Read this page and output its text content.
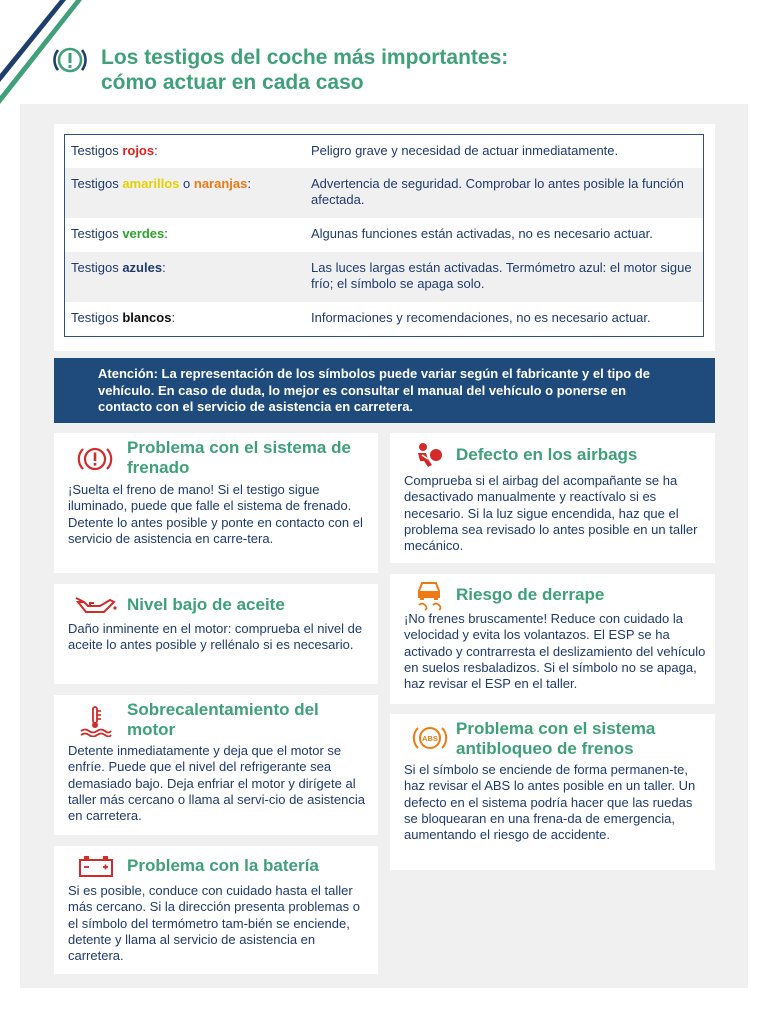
Los testigos del coche más importantes:
cómo actuar en cada caso
Testigos rojos:	Peligro grave y necesidad de actuar inmediatamente.
Testigos amarillos o naranjas:	Advertencia de seguridad. Comprobar lo antes posible la función afectada.
Testigos verdes:	Algunas funciones están activadas, no es necesario actuar.
Testigos azules:	Las luces largas están activadas. Termómetro azul: el motor sigue frío; el símbolo se apaga solo.
Testigos blancos:	Informaciones y recomendaciones, no es necesario actuar.
Atención: La representación de los símbolos puede variar según el fabricante y el tipo de vehículo. En caso de duda, lo mejor es consultar el manual del vehículo o ponerse en contacto con el servicio de asistencia en carretera.
Problema con el sistema de frenado
¡Suelta el freno de mano! Si el testigo sigue iluminado, puede que falle el sistema de frenado. Detente lo antes posible y ponte en contacto con el servicio de asistencia en carre-tera.
Nivel bajo de aceite
Daño inminente en el motor: comprueba el nivel de aceite lo antes posible y rellénalo si es necesario.
Sobrecalentamiento del motor
Detente inmediatamente y deja que el motor se enfríe. Puede que el nivel del refrigerante sea demasiado bajo. Deja enfriar el motor y dirígete al taller más cercano o llama al servi-cio de asistencia en carretera.
Problema con la batería
Si es posible, conduce con cuidado hasta el taller más cercano. Si la dirección presenta problemas o el símbolo del termómetro tam-bién se enciende, detente y llama al servicio de asistencia en carretera.
Defecto en los airbags
Comprueba si el airbag del acompañante se ha desactivado manualmente y reactívalo si es necesario. Si la luz sigue encendida, haz que el problema sea revisado lo antes posible en un taller mecánico.
Riesgo de derrape
¡No frenes bruscamente! Reduce con cuidado la velocidad y evita los volantazos. El ESP se ha activado y contrarresta el deslizamiento del vehículo en suelos resbaladizos. Si el símbolo no se apaga, haz revisar el ESP en el taller.
ABS
Problema con el sistema antibloqueo de frenos
Si el símbolo se enciende de forma permanen-te, haz revisar el ABS lo antes posible en un taller. Un defecto en el sistema podría hacer que las ruedas se bloquearan en una frena-da de emergencia, aumentando el riesgo de accidente.
